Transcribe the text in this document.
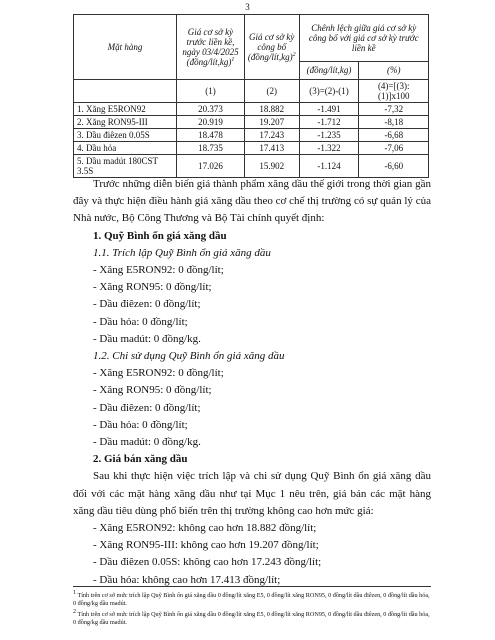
3
Mặt hàng	Giá cơ sở kỳ trước liền kề, ngày 03/4/2025 (đồng/lít,kg)$^1$	Giá cơ sở kỳ công bố (đồng/lít,kg)$^2$	Chênh lệch giữa giá cơ sở kỳ công bố với giá cơ sở kỳ trước liền kề	
			(đồng/lít,kg)	(%)
	(1)	(2)	(3)=(2)-(1)	(4)=[(3):(1)]x100
1. Xăng E5RON92	20.373	18.882	-1.491	-7,32
2. Xăng RON95-III	20.919	19.207	-1.712	-8,18
3. Dầu điêzen 0.05S	18.478	17.243	-1.235	-6,68
4. Dầu hỏa	18.735	17.413	-1.322	-7,06
5. Dầu madút 180CST 3.5S	17.026	15.902	-1.124	-6,60

Trước những diễn biến giá thành phẩm xăng dầu thế giới trong thời gian gần đây và thực hiện điều hành giá xăng dầu theo cơ chế thị trường có sự quản lý của Nhà nước, Bộ Công Thương và Bộ Tài chính quyết định:

1. Quỹ Bình ổn giá xăng dầu

1.1. Trích lập Quỹ Bình ổn giá xăng dầu

- Xăng E5RON92: 0 đồng/lít;

- Xăng RON95: 0 đồng/lít;

- Dầu điêzen: 0 đồng/lít;

- Dầu hỏa: 0 đồng/lít;

- Dầu madút: 0 đồng/kg.

1.2. Chi sử dụng Quỹ Bình ổn giá xăng dầu

- Xăng E5RON92: 0 đồng/lít;

- Xăng RON95: 0 đồng/lít;

- Dầu điêzen: 0 đồng/lít;

- Dầu hỏa: 0 đồng/lít;

- Dầu madút: 0 đồng/kg.

2. Giá bán xăng dầu

Sau khi thực hiện việc trích lập và chi sử dụng Quỹ Bình ổn giá xăng dầu đối với các mặt hàng xăng dầu như tại Mục 1 nêu trên, giá bán các mặt hàng xăng dầu tiêu dùng phổ biến trên thị trường không cao hơn mức giá:

- Xăng E5RON92: không cao hơn 18.882 đồng/lít;

- Xăng RON95-III: không cao hơn 19.207 đồng/lít;

- Dầu điêzen 0.05S: không cao hơn 17.243 đồng/lít;

- Dầu hỏa: không cao hơn 17.413 đồng/lít;

$^1$ Tính trên cơ sở mức trích lập Quỹ Bình ổn giá xăng dầu 0 đồng/lít xăng E5, 0 đồng/lít xăng RON95, 0 đồng/lít dầu điêzen, 0 đồng/lít dầu hỏa, 0 đồng/kg dầu madút.

$^2$ Tính trên cơ sở mức trích lập Quỹ Bình ổn giá xăng dầu 0 đồng/lít xăng E5, 0 đồng/lít xăng RON95, 0 đồng/lít dầu điêzen, 0 đồng/lít dầu hỏa, 0 đồng/kg dầu madút.
